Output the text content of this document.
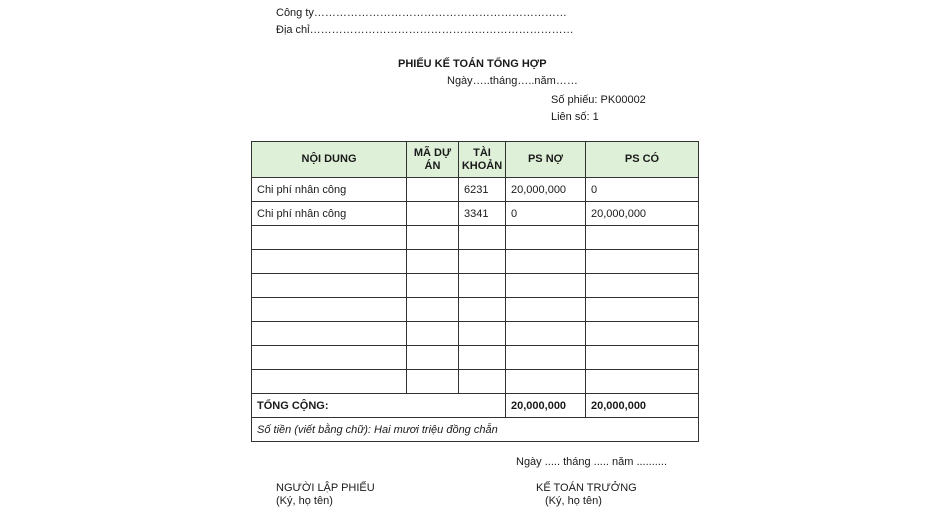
Công ty……………………………………………………………
Địa chỉ………………………………………………………………
PHIẾU KẾ TOÁN TỔNG HỢP
Ngày…..tháng…..năm……
Số phiếu: PK00002
Liên số: 1
NỘI DUNG	MÃ DỰ ÁN	TÀI KHOẢN	PS NỢ	PS CÓ
Chi phí nhân công		6231	20,000,000	0
Chi phí nhân công		3341	0	20,000,000

TỔNG CỘNG:			20,000,000	20,000,000
Số tiền (viết bằng chữ): Hai mươi triệu đồng chẵn				
Ngày ..... tháng ..... năm ..........
NGƯỜI LẬP PHIẾU
(Ký, họ tên)
KẾ TOÁN TRƯỞNG
(Ký, họ tên)
